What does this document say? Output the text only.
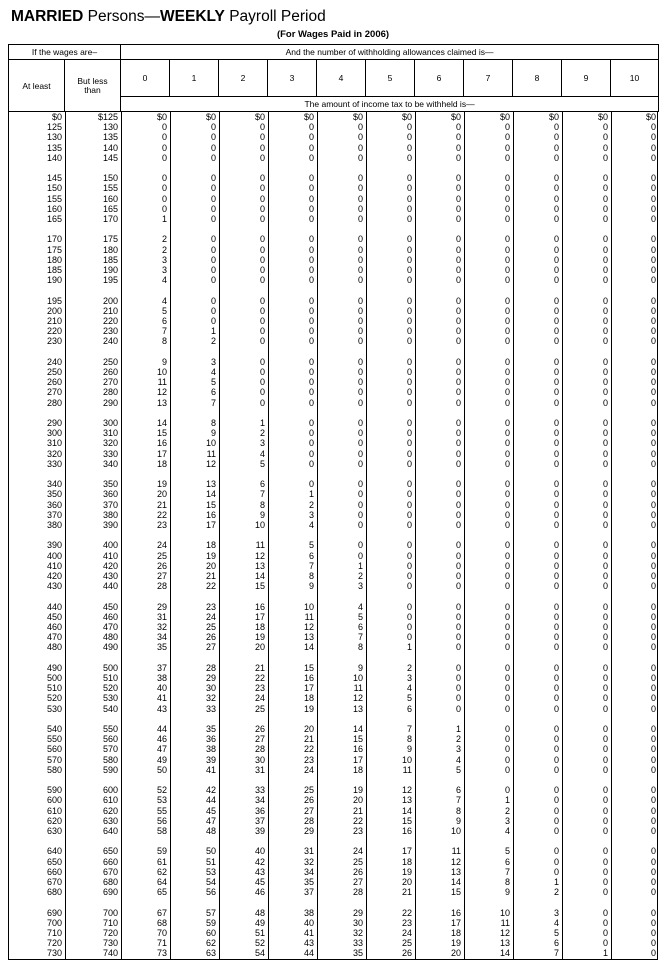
MARRIED Persons—WEEKLY Payroll Period
(For Wages Paid in 2006)
If the wages are–		And the number of withholding allowances claimed is—										
At least	But less
than	0	1	2	3	4	5	6	7	8	9	10
		The amount of income tax to be withheld is—										
$0	$125	$0	$0	$0	$0	$0	$0	$0	$0	$0	$0	$0
125	130	0	0	0	0	0	0	0	0	0	0	0
130	135	0	0	0	0	0	0	0	0	0	0	0
135	140	0	0	0	0	0	0	0	0	0	0	0
140	145	0	0	0	0	0	0	0	0	0	0	0

145	150	0	0	0	0	0	0	0	0	0	0	0
150	155	0	0	0	0	0	0	0	0	0	0	0
155	160	0	0	0	0	0	0	0	0	0	0	0
160	165	0	0	0	0	0	0	0	0	0	0	0
165	170	1	0	0	0	0	0	0	0	0	0	0

170	175	2	0	0	0	0	0	0	0	0	0	0
175	180	2	0	0	0	0	0	0	0	0	0	0
180	185	3	0	0	0	0	0	0	0	0	0	0
185	190	3	0	0	0	0	0	0	0	0	0	0
190	195	4	0	0	0	0	0	0	0	0	0	0

195	200	4	0	0	0	0	0	0	0	0	0	0
200	210	5	0	0	0	0	0	0	0	0	0	0
210	220	6	0	0	0	0	0	0	0	0	0	0
220	230	7	1	0	0	0	0	0	0	0	0	0
230	240	8	2	0	0	0	0	0	0	0	0	0

240	250	9	3	0	0	0	0	0	0	0	0	0
250	260	10	4	0	0	0	0	0	0	0	0	0
260	270	11	5	0	0	0	0	0	0	0	0	0
270	280	12	6	0	0	0	0	0	0	0	0	0
280	290	13	7	0	0	0	0	0	0	0	0	0

290	300	14	8	1	0	0	0	0	0	0	0	0
300	310	15	9	2	0	0	0	0	0	0	0	0
310	320	16	10	3	0	0	0	0	0	0	0	0
320	330	17	11	4	0	0	0	0	0	0	0	0
330	340	18	12	5	0	0	0	0	0	0	0	0

340	350	19	13	6	0	0	0	0	0	0	0	0
350	360	20	14	7	1	0	0	0	0	0	0	0
360	370	21	15	8	2	0	0	0	0	0	0	0
370	380	22	16	9	3	0	0	0	0	0	0	0
380	390	23	17	10	4	0	0	0	0	0	0	0

390	400	24	18	11	5	0	0	0	0	0	0	0
400	410	25	19	12	6	0	0	0	0	0	0	0
410	420	26	20	13	7	1	0	0	0	0	0	0
420	430	27	21	14	8	2	0	0	0	0	0	0
430	440	28	22	15	9	3	0	0	0	0	0	0

440	450	29	23	16	10	4	0	0	0	0	0	0
450	460	31	24	17	11	5	0	0	0	0	0	0
460	470	32	25	18	12	6	0	0	0	0	0	0
470	480	34	26	19	13	7	0	0	0	0	0	0
480	490	35	27	20	14	8	1	0	0	0	0	0

490	500	37	28	21	15	9	2	0	0	0	0	0
500	510	38	29	22	16	10	3	0	0	0	0	0
510	520	40	30	23	17	11	4	0	0	0	0	0
520	530	41	32	24	18	12	5	0	0	0	0	0
530	540	43	33	25	19	13	6	0	0	0	0	0

540	550	44	35	26	20	14	7	1	0	0	0	0
550	560	46	36	27	21	15	8	2	0	0	0	0
560	570	47	38	28	22	16	9	3	0	0	0	0
570	580	49	39	30	23	17	10	4	0	0	0	0
580	590	50	41	31	24	18	11	5	0	0	0	0

590	600	52	42	33	25	19	12	6	0	0	0	0
600	610	53	44	34	26	20	13	7	1	0	0	0
610	620	55	45	36	27	21	14	8	2	0	0	0
620	630	56	47	37	28	22	15	9	3	0	0	0
630	640	58	48	39	29	23	16	10	4	0	0	0

640	650	59	50	40	31	24	17	11	5	0	0	0
650	660	61	51	42	32	25	18	12	6	0	0	0
660	670	62	53	43	34	26	19	13	7	0	0	0
670	680	64	54	45	35	27	20	14	8	1	0	0
680	690	65	56	46	37	28	21	15	9	2	0	0

690	700	67	57	48	38	29	22	16	10	3	0	0
700	710	68	59	49	40	30	23	17	11	4	0	0
710	720	70	60	51	41	32	24	18	12	5	0	0
720	730	71	62	52	43	33	25	19	13	6	0	0
730	740	73	63	54	44	35	26	20	14	7	1	0
